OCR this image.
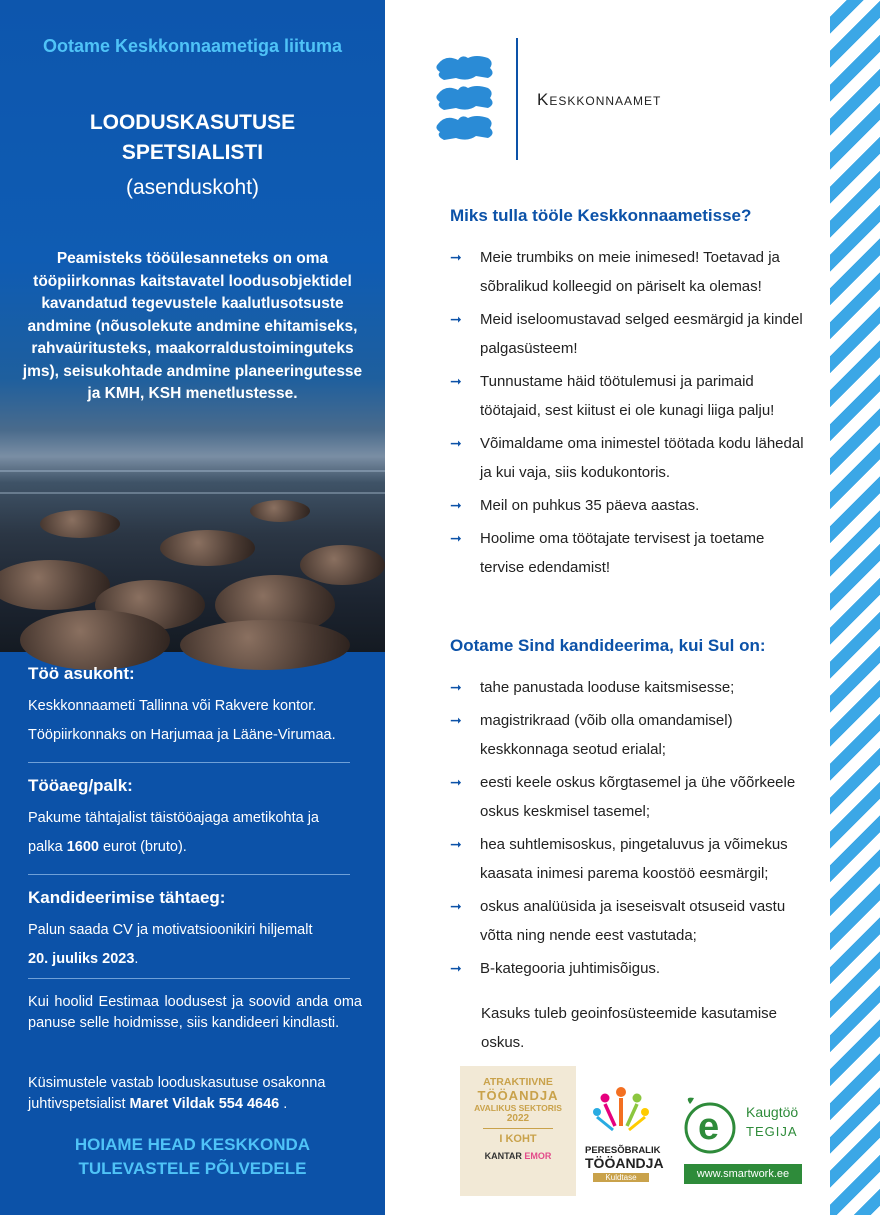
Ootame Keskkonnaametiga liituma
LOODUSKASUTUSE
SPETSIALISTI
(asenduskoht)
Peamisteks tööülesanneteks on oma tööpiirkonnas kaitstavatel loodusobjektidel kavandatud tegevustele kaalutlusotsuste andmine (nõusolekute andmine ehitamiseks, rahvaüritusteks, maakorraldustoiminguteks jms), seisukohtade andmine planeeringutesse ja KMH, KSH menetlustesse.
Töö asukoht:

Keskkonnaameti Tallinna või Rakvere kontor.

Tööpiirkonnaks on Harjumaa ja Lääne-Virumaa.

Tööaeg/palk:

Pakume tähtajalist täistööajaga ametikohta ja

palka 1600 eurot (bruto).

Kandideerimise tähtaeg:

Palun saada CV ja motivatsioonikiri hiljemalt

20. juuliks 2023.

Kui hoolid Eestimaa loodusest ja soovid anda oma panuse selle hoidmisse, siis kandideeri kindlasti.
Küsimustele vastab looduskasutuse osakonna juhtivspetsialist Maret Vildak 554 4646 .
HOIAME HEAD KESKKONDA
TULEVASTELE PÕLVEDELE
Keskkonnaamet
Miks tulla tööle Keskkonnaametisse?
➞ Meie trumbiks on meie inimesed! Toetavad ja sõbralikud kolleegid on päriselt ka olemas!
➞ Meid iseloomustavad selged eesmärgid ja kindel palgasüsteem!
➞ Tunnustame häid töötulemusi ja parimaid töötajaid, sest kiitust ei ole kunagi liiga palju!
➞ Võimaldame oma inimestel töötada kodu lähedal ja kui vaja, siis kodukontoris.
➞ Meil on puhkus 35 päeva aastas.
➞ Hoolime oma töötajate tervisest ja toetame tervise edendamist!
Ootame Sind kandideerima, kui Sul on:
➞ tahe panustada looduse kaitsmisesse;
➞ magistrikraad (võib olla omandamisel) keskkonnaga seotud erialal;
➞ eesti keele oskus kõrgtasemel ja ühe võõrkeele oskus keskmisel tasemel;
➞ hea suhtlemisoskus, pingetaluvus ja võimekus kaasata inimesi parema koostöö eesmärgil;
➞ oskus analüüsida ja iseseisvalt otsuseid vastu võtta ning nende eest vastutada;
➞ B-kategooria juhtimisõigus.
Kasuks tuleb geoinfosüsteemide kasutamise oskus.
ATRAKTIIVNE
TÖÖANDJA
AVALIKUS SEKTORIS
2022
I KOHT
KANTAR EMOR	PERESÕBRALIK
TÖÖANDJA
Kuldtase
e Kaugtöö
TEGIJA
www.smartwork.ee
